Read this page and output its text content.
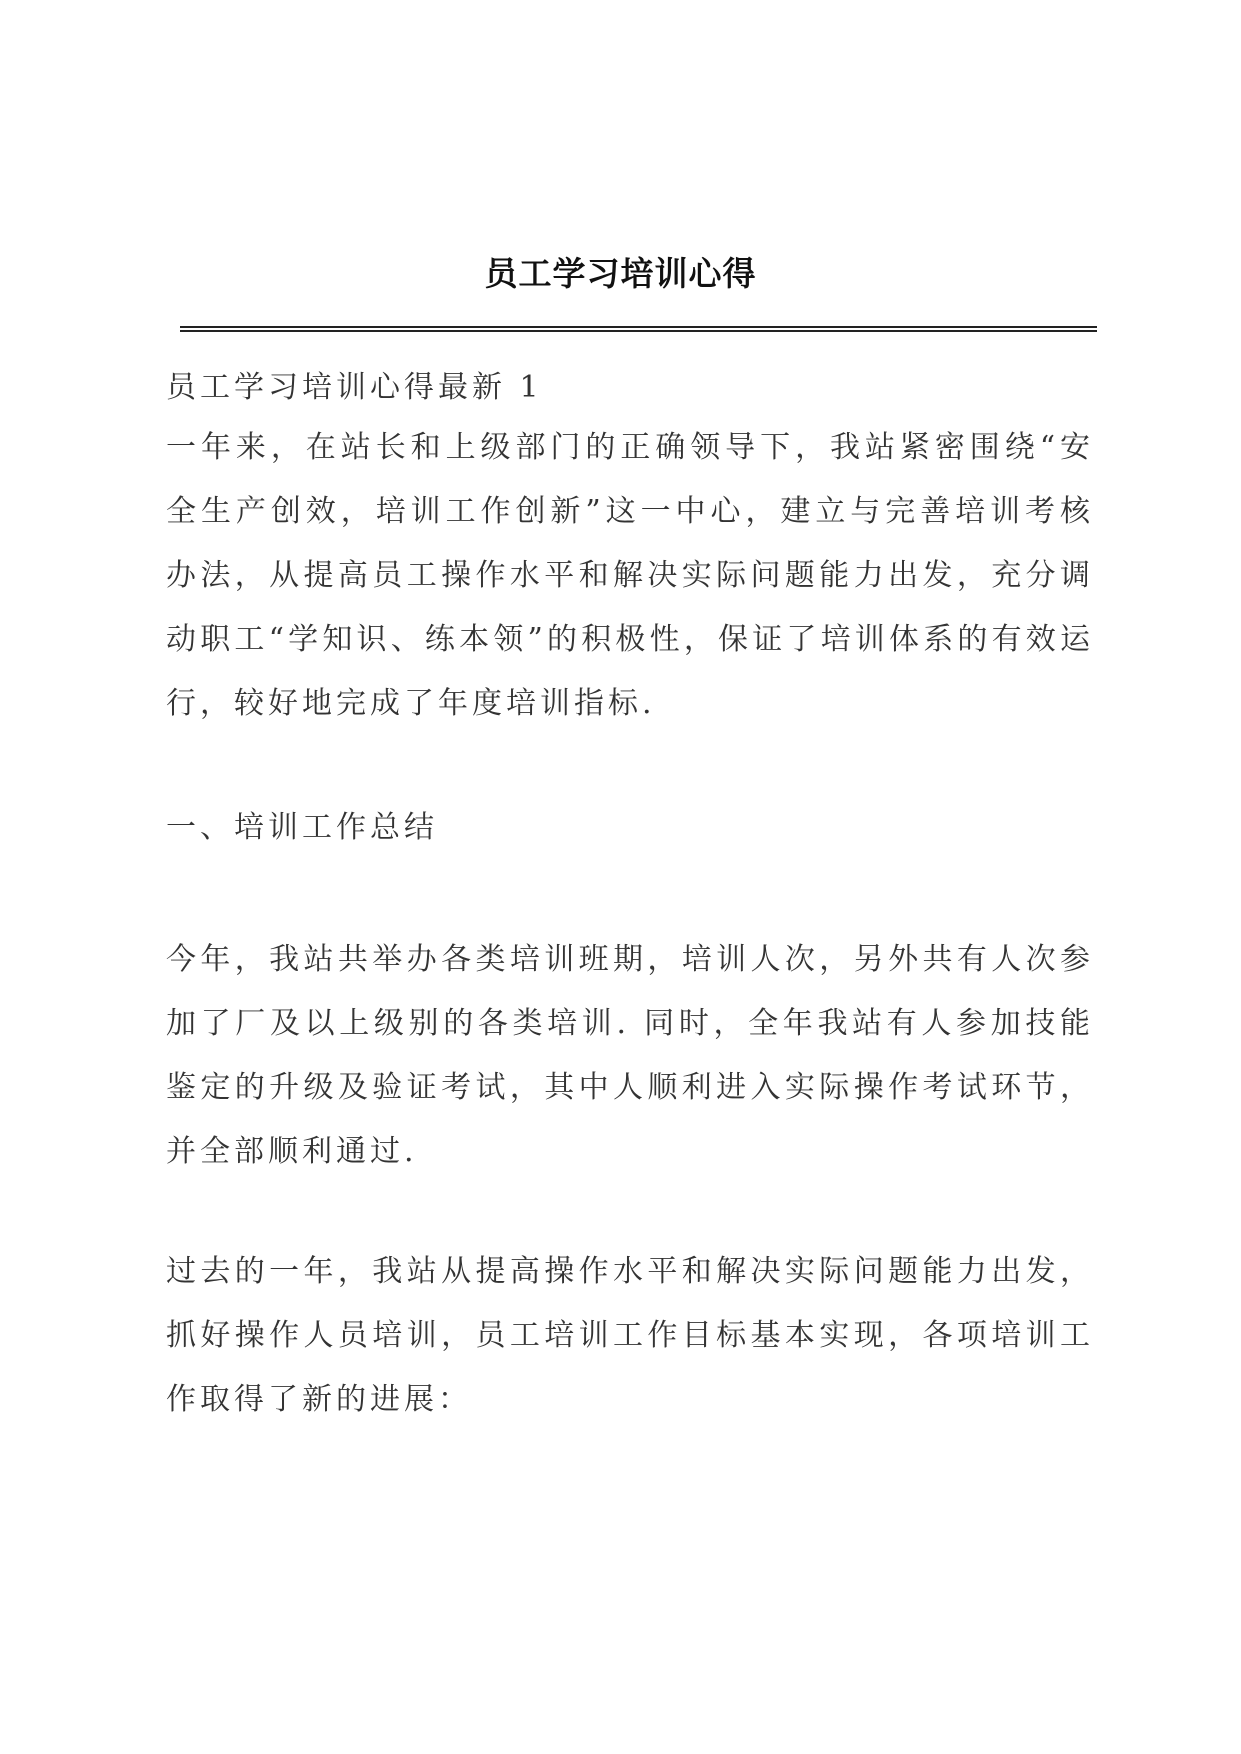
员工学习培训心得
员工学习培训心得最新 1
一年来，在站长和上级部门的正确领导下，我站紧密围绕“安全生产创效，培训工作创新”这一中心，建立与完善培训考核办法，从提高员工操作水平和解决实际问题能力出发，充分调动职工“学知识、练本领”的积极性，保证了培训体系的有效运行，较好地完成了年度培训指标.
一、培训工作总结
今年，我站共举办各类培训班期，培训人次，另外共有人次参加了厂及以上级别的各类培训. 同时，全年我站有人参加技能鉴定的升级及验证考试，其中人顺利进入实际操作考试环节，并全部顺利通过.
过去的一年，我站从提高操作水平和解决实际问题能力出发，抓好操作人员培训，员工培训工作目标基本实现，各项培训工作取得了新的进展：
